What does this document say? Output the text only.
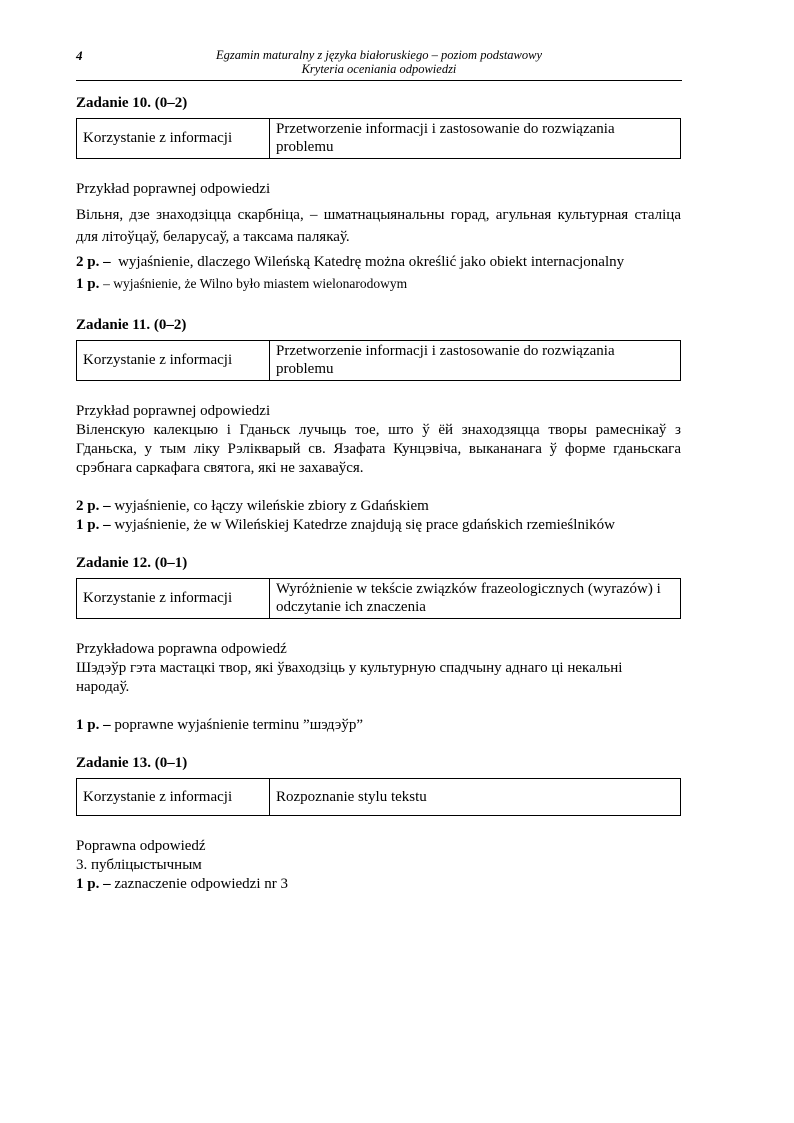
4	Egzamin maturalny z języka białoruskiego – poziom podstawowy
Kryteria oceniania odpowiedzi
Zadanie 10. (0–2)
Korzystanie z informacji	Przetworzenie informacji i zastosowanie do rozwiązania problemu

Przykład poprawnej odpowiedzi

Вільня, дзе знаходзіцца скарбніца, – шматнацыянальны горад, агульная культурная сталіца для літоўцаў, беларусаў, а таксама палякаў.

2 p. – wyjaśnienie, dlaczego Wileńską Katedrę można określić jako obiekt internacjonalny

1 p. – wyjaśnienie, że Wilno było miastem wielonarodowym

Zadanie 11. (0–2)
Korzystanie z informacji	Przetworzenie informacji i zastosowanie do rozwiązania problemu

Przykład poprawnej odpowiedzi

Віленскую калекцыю і Гданьск лучыць тое, што ў ёй знаходзяцца творы рамеснікаў з Гданьска, у тым ліку Рэлікварый св. Язафата Кунцэвіча, выкананага ў форме гданьскага срэбнага саркафага святога, які не захаваўся.

2 p. – wyjaśnienie, co łączy wileńskie zbiory z Gdańskiem

1 p. – wyjaśnienie, że w Wileńskiej Katedrze znajdują się prace gdańskich rzemieślników

Zadanie 12. (0–1)
Korzystanie z informacji	Wyróżnienie w tekście związków frazeologicznych (wyrazów) i odczytanie ich znaczenia

Przykładowa poprawna odpowiedź

Шэдэўр гэта мастацкі твор, які ўваходзіць у культурную спадчыну аднаго ці некальні народаў.

1 p. – poprawne wyjaśnienie terminu ”шэдэўр”

Zadanie 13. (0–1)
Korzystanie z informacji	Rozpoznanie stylu tekstu

Poprawna odpowiedź

3. публіцыстычным

1 p. – zaznaczenie odpowiedzi nr 3
